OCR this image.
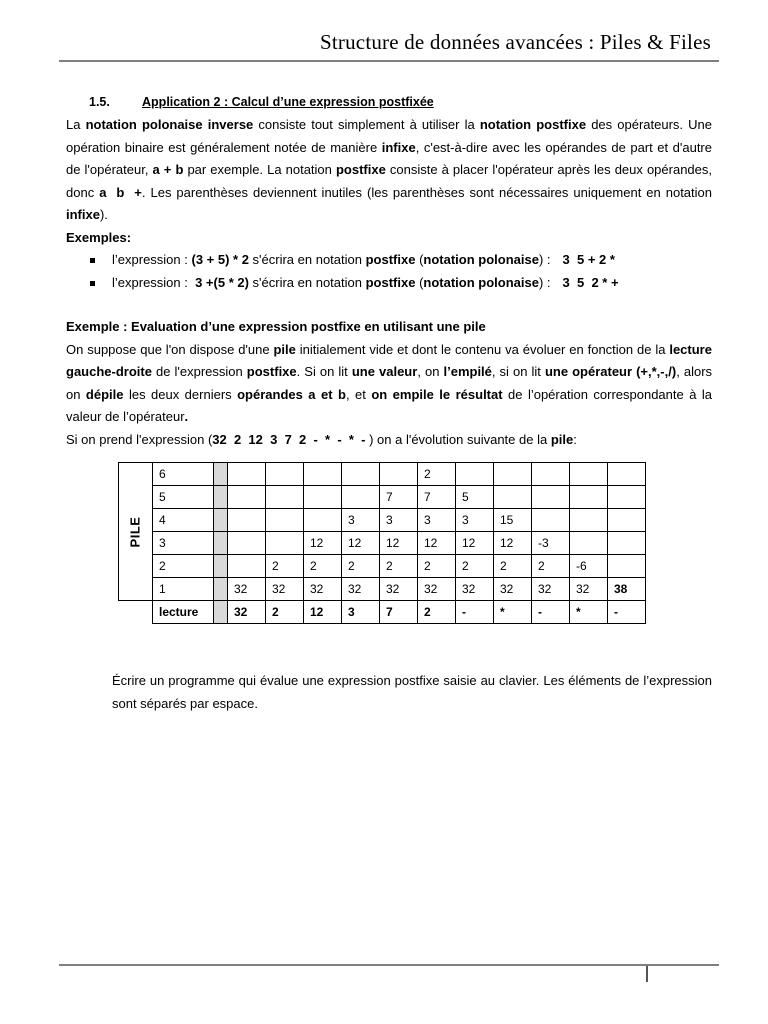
Structure de données avancées : Piles & Files
1.5.	Application 2 : Calcul d’une expression postfixée

La notation polonaise inverse consiste tout simplement à utiliser la notation postfixe des opérateurs. Une opération binaire est généralement notée de manière infixe, c'est-à-dire avec les opérandes de part et d'autre de l'opérateur, a + b par exemple. La notation postfixe consiste à placer l'opérateur après les deux opérandes, donc a  b  +. Les parenthèses deviennent inutiles (les parenthèses sont nécessaires uniquement en notation infixe).

Exemples:

l’expression : (3 + 5) * 2 s'écrira en notation postfixe (notation polonaise) : 3  5 + 2 *
l’expression :  3 +(5 * 2) s'écrira en notation postfixe (notation polonaise) : 3  5  2 * +

Exemple : Evaluation d’une expression postfixe en utilisant une pile

On suppose que l'on dispose d'une pile initialement vide et dont le contenu va évoluer en fonction de la lecture gauche-droite de l'expression postfixe. Si on lit une valeur, on l’empilé, si on lit une opérateur (+,*,-,/), alors on dépile les deux derniers opérandes a et b, et on empile le résultat de l’opération correspondante à la valeur de l’opérateur.

Si on prend l'expression (32  2  12  3  7  2  -  *  -  *  - ) on a l'évolution suivante de la pile:

PILE	6							2					
	5						7	7	5				
	4					3	3	3	3	15			
	3				12	12	12	12	12	12	-3		
	2			2	2	2	2	2	2	2	2	-6	
	1		32	32	32	32	32	32	32	32	32	32	38
	lecture		32	2	12	3	7	2	-	*	-	*	-
Écrire un programme qui évalue une expression postfixe saisie au clavier. Les éléments de l’expression sont séparés par espace.
